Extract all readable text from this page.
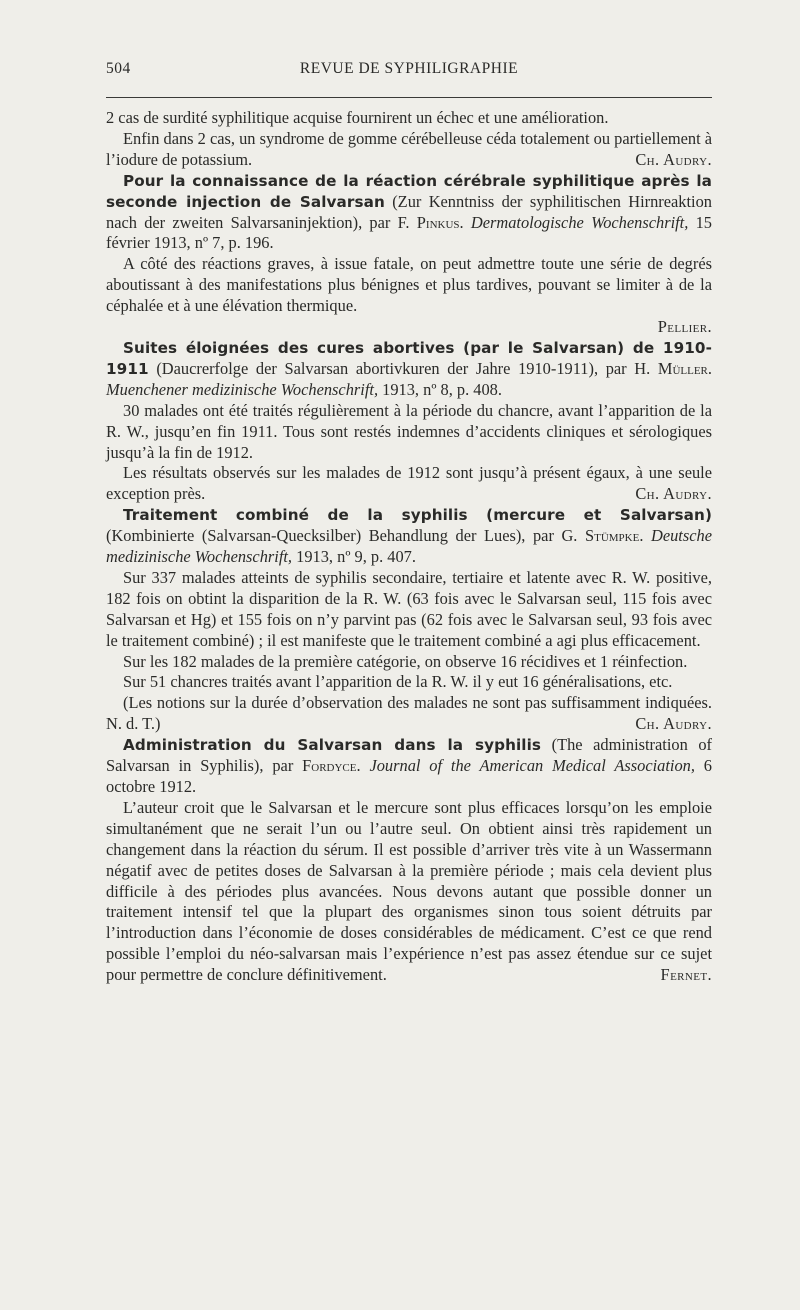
504	REVUE DE SYPHILIGRAPHIE

2 cas de surdité syphilitique acquise fournirent un échec et une amélioration.

Enfin dans 2 cas, un syndrome de gomme cérébelleuse céda totalement ou partiellement à l’iodure de potassium.	Ch. Audry.

Pour la connaissance de la réaction cérébrale syphilitique après la seconde injection de Salvarsan (Zur Kenntniss der syphilitischen Hirnreaktion nach der zweiten Salvarsaninjektion), par F. Pinkus. Dermatologische Wochenschrift, 15 février 1913, nº 7, p. 196.

A côté des réactions graves, à issue fatale, on peut admettre toute une série de degrés aboutissant à des manifestations plus bénignes et plus tardives, pouvant se limiter à de la céphalée et à une élévation thermique.

Pellier.

Suites éloignées des cures abortives (par le Salvarsan) de 1910-1911 (Daucrerfolge der Salvarsan abortivkuren der Jahre 1910-1911), par H. Müller. Muenchener medizinische Wochenschrift, 1913, nº 8, p. 408.

30 malades ont été traités régulièrement à la période du chancre, avant l’apparition de la R. W., jusqu’en fin 1911. Tous sont restés indemnes d’accidents cliniques et sérologiques jusqu’à la fin de 1912.

Les résultats observés sur les malades de 1912 sont jusqu’à présent égaux, à une seule exception près.	Ch. Audry.

Traitement combiné de la syphilis (mercure et Salvarsan) (Kombinierte (Salvarsan-Quecksilber) Behandlung der Lues), par G. Stümpke. Deutsche medizinische Wochenschrift, 1913, nº 9, p. 407.

Sur 337 malades atteints de syphilis secondaire, tertiaire et latente avec R. W. positive, 182 fois on obtint la disparition de la R. W. (63 fois avec le Salvarsan seul, 115 fois avec Salvarsan et Hg) et 155 fois on n’y parvint pas (62 fois avec le Salvarsan seul, 93 fois avec le traitement combiné) ; il est manifeste que le traitement combiné a agi plus efficacement.

Sur les 182 malades de la première catégorie, on observe 16 récidives et 1 réinfection.

Sur 51 chancres traités avant l’apparition de la R. W. il y eut 16 généralisations, etc.

(Les notions sur la durée d’observation des malades ne sont pas suffisamment indiquées. N. d. T.)	Ch. Audry.

Administration du Salvarsan dans la syphilis (The administration of Salvarsan in Syphilis), par Fordyce. Journal of the American Medical Association, 6 octobre 1912.

L’auteur croit que le Salvarsan et le mercure sont plus efficaces lorsqu’on les emploie simultanément que ne serait l’un ou l’autre seul. On obtient ainsi très rapidement un changement dans la réaction du sérum. Il est possible d’arriver très vite à un Wassermann négatif avec de petites doses de Salvarsan à la première période ; mais cela devient plus difficile à des périodes plus avancées. Nous devons autant que possible donner un traitement intensif tel que la plupart des organismes sinon tous soient détruits par l’introduction dans l’économie de doses considérables de médicament. C’est ce que rend possible l’emploi du néo-salvarsan mais l’expérience n’est pas assez étendue sur ce sujet pour permettre de conclure définitivement.	Fernet.
